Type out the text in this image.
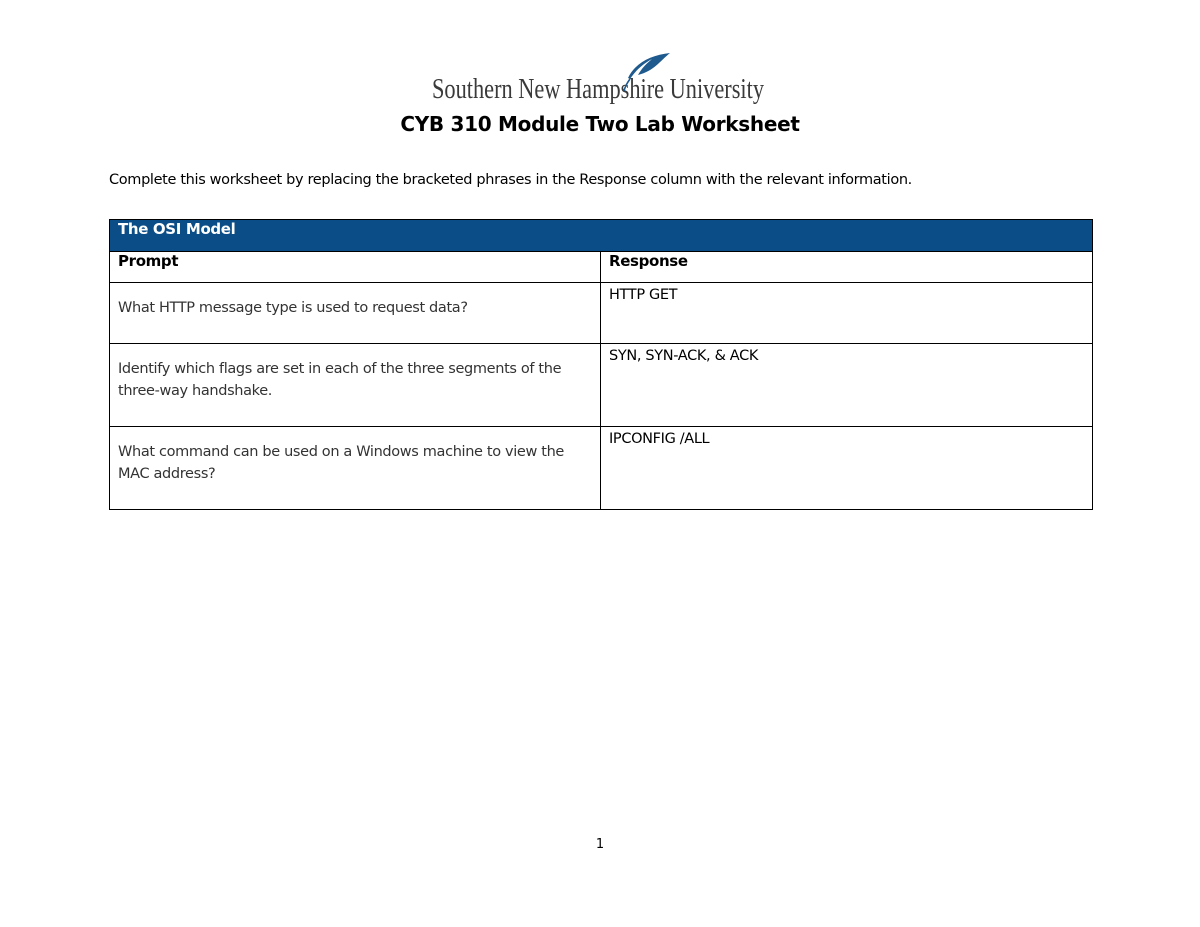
Southern New Hampshire University
CYB 310 Module Two Lab Worksheet
Complete this worksheet by replacing the bracketed phrases in the Response column with the relevant information.
The OSI Model	
Prompt	Response

What HTTP message type is used to request data?	HTTP GET

Identify which flags are set in each of the three segments of the three-way handshake.	SYN, SYN-ACK, & ACK

What command can be used on a Windows machine to view the MAC address?	IPCONFIG /ALL
1
